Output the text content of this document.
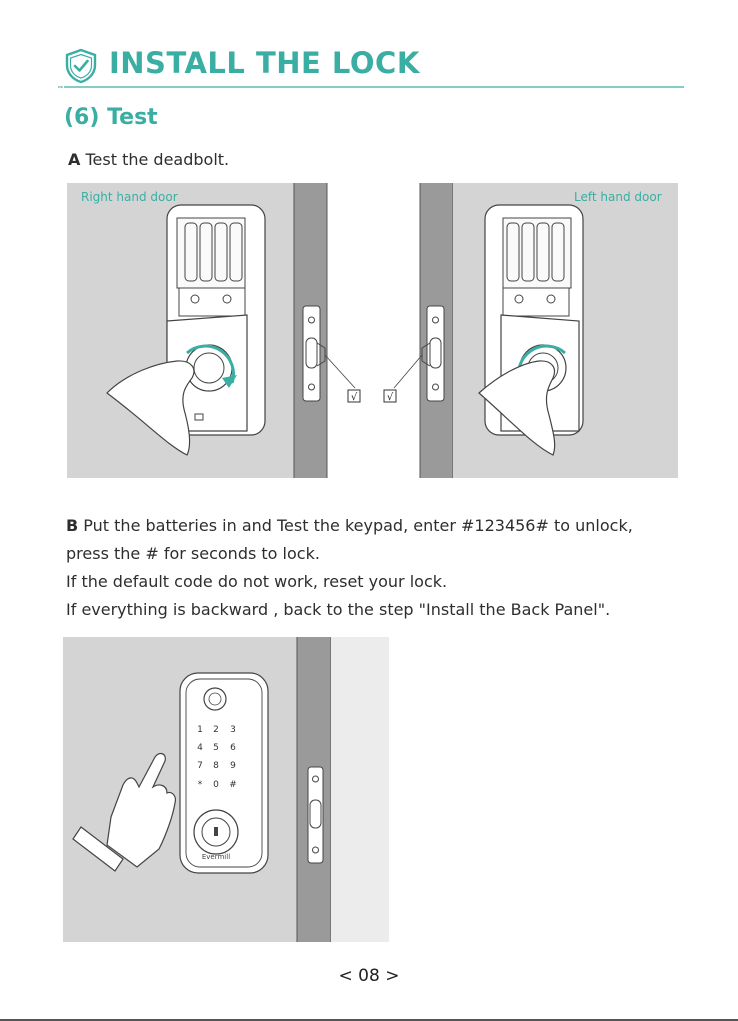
INSTALL THE LOCK
(6) Test
A Test the deadbolt.
√	√
Right hand door	Left hand door
B Put the batteries in and Test the keypad, enter #123456# to unlock,
press the # for seconds to lock.
If the default code do not work, reset your lock.
If everything is backward , back to the step "Install the Back Panel".
1 2 3
4 5 6
7 8 9
* 0 #
Evermill
< 08 >
